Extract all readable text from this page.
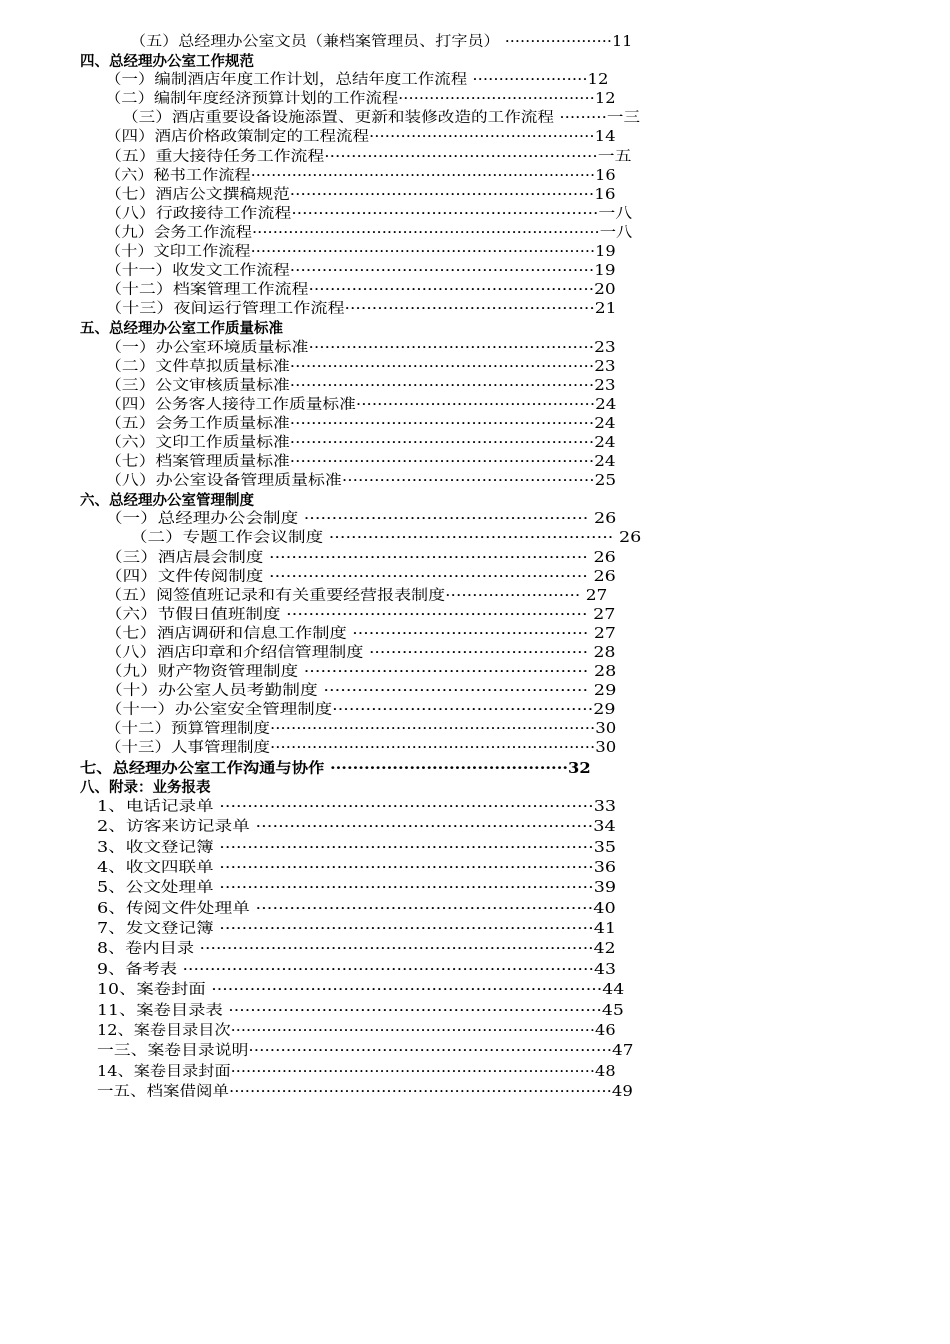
（五）总经理办公室文员（兼档案管理员、打字员） ·····················11
四、总经理办公室工作规范
（一）编制酒店年度工作计划，总结年度工作流程 ······················12
（二）编制年度经济预算计划的工作流程······································12
（三）酒店重要设备设施添置、更新和装修改造的工作流程 ·········一三
（四）酒店价格政策制定的工程流程···········································14
（五）重大接待任务工作流程···················································一五
（六）秘书工作流程···································································16
（七）酒店公文撰稿规范·························································16
（八）行政接待工作流程·························································一八
（九）会务工作流程···································································一八
（十）文印工作流程···································································19
（十一）收发文工作流程·························································19
（十二）档案管理工作流程·····················································20
（十三）夜间运行管理工作流程··············································21
五、总经理办公室工作质量标准
（一）办公室环境质量标准·····················································23
（二）文件草拟质量标准·························································23
（三）公文审核质量标准·························································23
（四）公务客人接待工作质量标准·············································24
（五）会务工作质量标准·························································24
（六）文印工作质量标准·························································24
（七）档案管理质量标准·························································24
（八）办公室设备管理质量标准···············································25
六、总经理办公室管理制度
（一）总经理办公会制度 ··················································· 26
（二）专题工作会议制度 ··················································· 26
（三）酒店晨会制度 ························································· 26
（四）文件传阅制度 ························································· 26
（五）阅签值班记录和有关重要经营报表制度························· 27
（六）节假日值班制度 ······················································ 27
（七）酒店调研和信息工作制度 ··········································· 27
（八）酒店印章和介绍信管理制度 ········································ 28
（九）财产物资管理制度 ··················································· 28
（十）办公室人员考勤制度 ··············································· 29
（十一）办公室安全管理制度···············································29
（十二）预算管理制度······························································30
（十三）人事管理制度······························································30
七、总经理办公室工作沟通与协作 ··········································32
八、附录：业务报表
1、电话记录单 ···································································33
2、访客来访记录单 ····························································34
3、收文登记簿 ···································································35
4、收文四联单 ···································································36
5、公文处理单 ···································································39
6、传阅文件处理单 ····························································40
7、发文登记簿 ···································································41
8、卷内目录 ········································································42
9、备考表 ···········································································43
10、案卷封面 ·······································································44
11、案卷目录表 ····································································45
12、案卷目录目次·······································································46
一三、案卷目录说明····································································47
14、案卷目录封面·······································································48
一五、档案借阅单·········································································49
